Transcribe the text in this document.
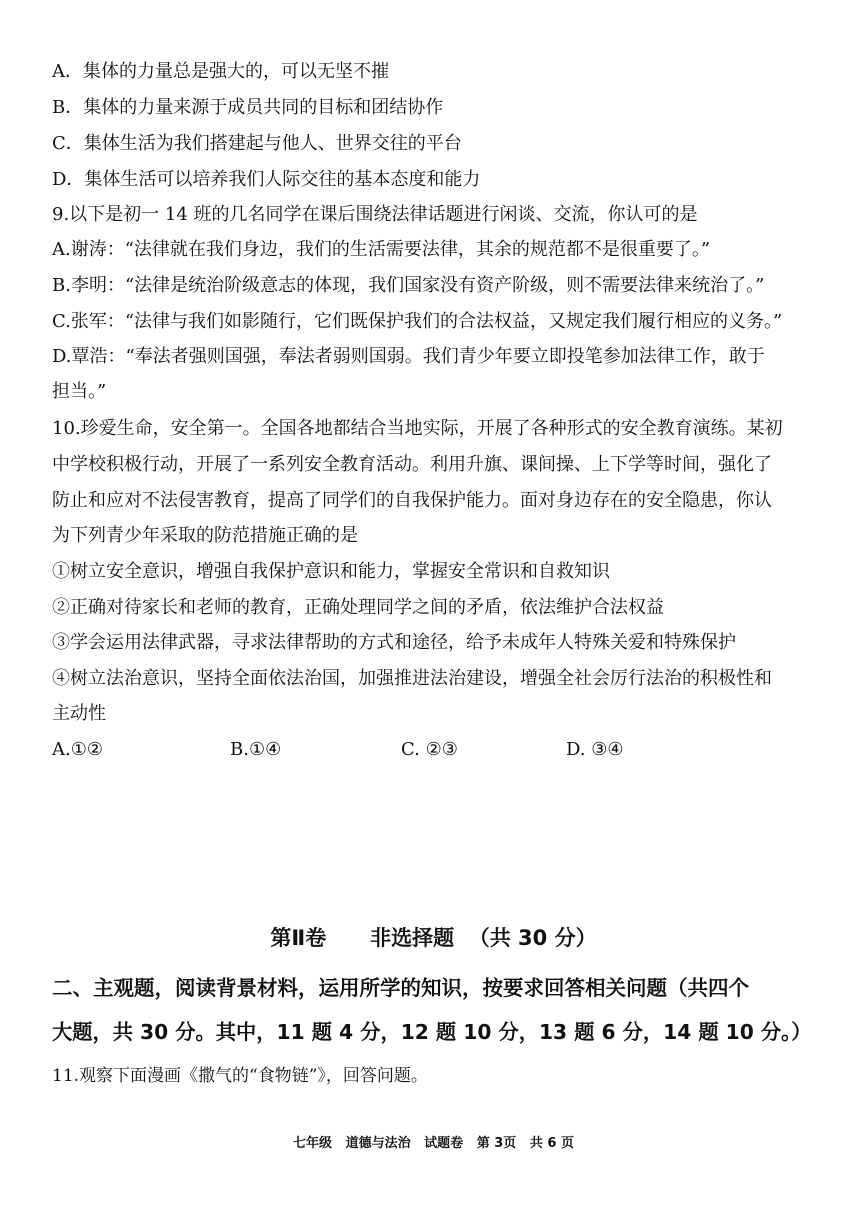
A．集体的力量总是强大的，可以无坚不摧
B．集体的力量来源于成员共同的目标和团结协作
C．集体生活为我们搭建起与他人、世界交往的平台
D．集体生活可以培养我们人际交往的基本态度和能力
9.以下是初一 14 班的几名同学在课后围绕法律话题进行闲谈、交流，你认可的是
A.谢涛：“法律就在我们身边，我们的生活需要法律，其余的规范都不是很重要了。”
B.李明：“法律是统治阶级意志的体现，我们国家没有资产阶级，则不需要法律来统治了。”
C.张军：“法律与我们如影随行，它们既保护我们的合法权益，又规定我们履行相应的义务。”
D.覃浩：“奉法者强则国强，奉法者弱则国弱。我们青少年要立即投笔参加法律工作，敢于
担当。”
10.珍爱生命，安全第一。全国各地都结合当地实际，开展了各种形式的安全教育演练。某初
中学校积极行动，开展了一系列安全教育活动。利用升旗、课间操、上下学等时间，强化了
防止和应对不法侵害教育，提高了同学们的自我保护能力。面对身边存在的安全隐患，你认
为下列青少年采取的防范措施正确的是
①树立安全意识，增强自我保护意识和能力，掌握安全常识和自救知识
②正确对待家长和老师的教育，正确处理同学之间的矛盾，依法维护合法权益
③学会运用法律武器，寻求法律帮助的方式和途径，给予未成年人特殊关爱和特殊保护
④树立法治意识，坚持全面依法治国，加强推进法治建设，增强全社会厉行法治的积极性和
主动性
A.①②	B.①④	C. ②③	D. ③④
第Ⅱ卷      非选择题  （共 30 分）
二、主观题，阅读背景材料，运用所学的知识，按要求回答相关问题（共四个
大题，共 30 分。其中，11 题 4 分，12 题 10 分，13 题 6 分，14 题 10 分。）
11.观察下面漫画《撒气的“食物链”》，回答问题。
七年级   道德与法治   试题卷   第 3页   共 6 页
